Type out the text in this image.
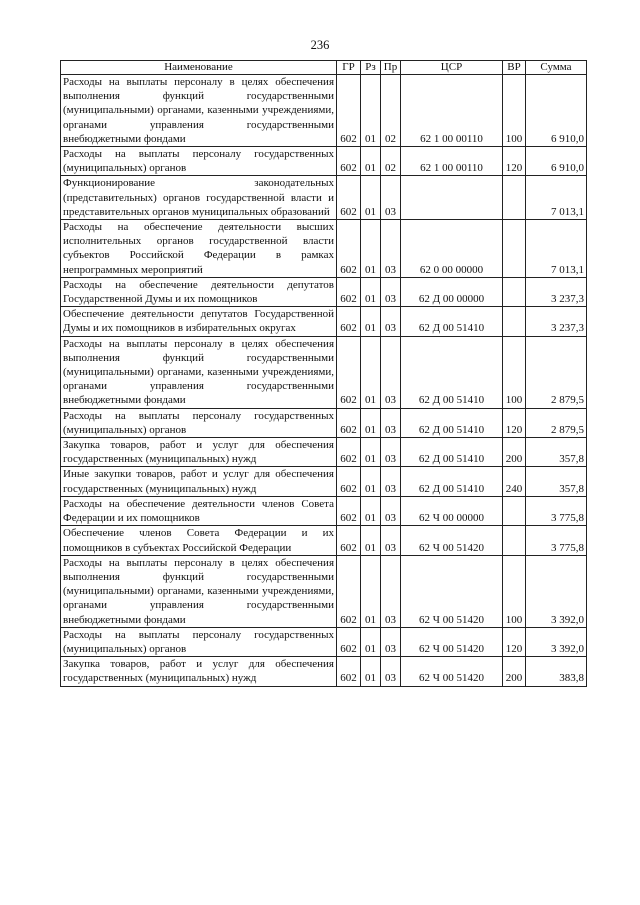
236
Наименование	ГР	Рз	Пр	ЦСР	ВР	Сумма
Расходы на выплаты персоналу в целях обеспечения выполнения функций государственными (муниципальными) органами, казенными учреждениями, органами управления государственными внебюджетными фондами	602	01	02	62 1 00 00110	100	6 910,0
Расходы на выплаты персоналу государственных (муниципальных) органов	602	01	02	62 1 00 00110	120	6 910,0
Функционирование законодательных (представительных) органов государственной власти и представительных органов муниципальных образований	602	01	03			7 013,1
Расходы на обеспечение деятельности высших исполнительных органов государственной власти субъектов Российской Федерации в рамках непрограммных мероприятий	602	01	03	62 0 00 00000		7 013,1
Расходы на обеспечение деятельности депутатов Государственной Думы и их помощников	602	01	03	62 Д 00 00000		3 237,3
Обеспечение деятельности депутатов Государственной Думы и их помощников в избирательных округах	602	01	03	62 Д 00 51410		3 237,3
Расходы на выплаты персоналу в целях обеспечения выполнения функций государственными (муниципальными) органами, казенными учреждениями, органами управления государственными внебюджетными фондами	602	01	03	62 Д 00 51410	100	2 879,5
Расходы на выплаты персоналу государственных (муниципальных) органов	602	01	03	62 Д 00 51410	120	2 879,5
Закупка товаров, работ и услуг для обеспечения государственных (муниципальных) нужд	602	01	03	62 Д 00 51410	200	357,8
Иные закупки товаров, работ и услуг для обеспечения государственных (муниципальных) нужд	602	01	03	62 Д 00 51410	240	357,8
Расходы на обеспечение деятельности членов Совета Федерации и их помощников	602	01	03	62 Ч 00 00000		3 775,8
Обеспечение членов Совета Федерации и их помощников в субъектах Российской Федерации	602	01	03	62 Ч 00 51420		3 775,8
Расходы на выплаты персоналу в целях обеспечения выполнения функций государственными (муниципальными) органами, казенными учреждениями, органами управления государственными внебюджетными фондами	602	01	03	62 Ч 00 51420	100	3 392,0
Расходы на выплаты персоналу государственных (муниципальных) органов	602	01	03	62 Ч 00 51420	120	3 392,0
Закупка товаров, работ и услуг для обеспечения государственных (муниципальных) нужд	602	01	03	62 Ч 00 51420	200	383,8
